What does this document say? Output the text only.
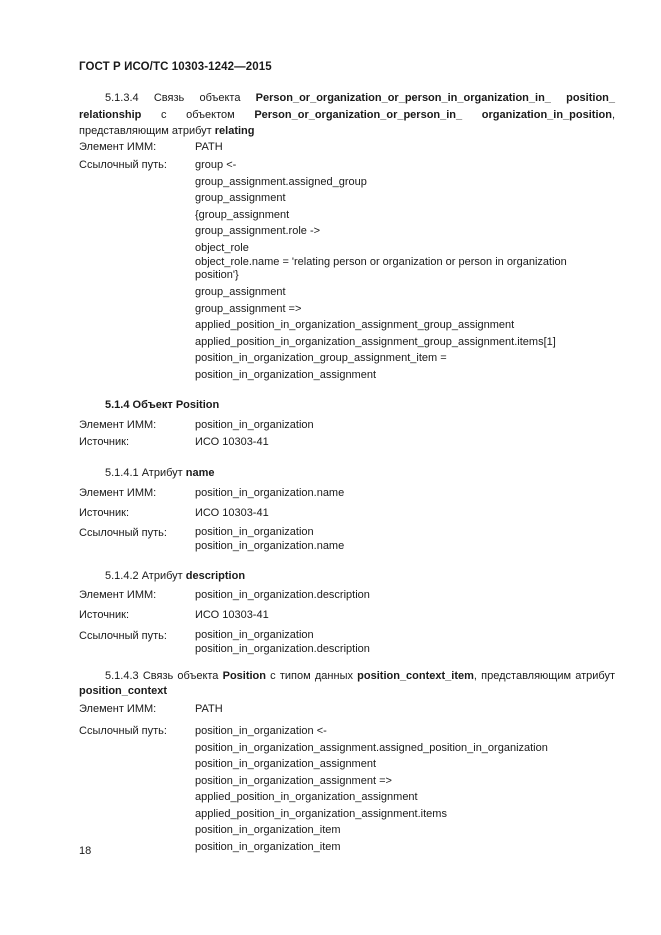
ГОСТ Р ИСО/ТС 10303-1242—2015
5.1.3.4 Связь объекта Person_or_organization_or_person_in_organization_in_ position_ relationship с объектом Person_or_organization_or_person_in_ organization_in_position, представляющим атрибут relating
Элемент ИММ:	PATH
Ссылочный путь:	group <-
group_assignment.assigned_group
group_assignment
{group_assignment
group_assignment.role ->
object_role
object_role.name = 'relating person or organization or person in organization position'}
group_assignment
group_assignment =>
applied_position_in_organization_assignment_group_assignment
applied_position_in_organization_assignment_group_assignment.items[1]
position_in_organization_group_assignment_item =
position_in_organization_assignment
5.1.4 Объект Position
Элемент ИММ:	position_in_organization
Источник:	ИСО 10303-41
5.1.4.1 Атрибут name
Элемент ИММ:	position_in_organization.name
Источник:	ИСО 10303-41
Ссылочный путь:	position_in_organization
position_in_organization.name
5.1.4.2 Атрибут description
Элемент ИММ:	position_in_organization.description
Источник:	ИСО 10303-41
Ссылочный путь:	position_in_organization
position_in_organization.description
5.1.4.3 Связь объекта Position с типом данных position_context_item, представляющим атрибут position_context
Элемент ИММ:	PATH
Ссылочный путь:	position_in_organization <-
position_in_organization_assignment.assigned_position_in_organization
position_in_organization_assignment
position_in_organization_assignment =>
applied_position_in_organization_assignment
applied_position_in_organization_assignment.items
position_in_organization_item
position_in_organization_item
18
